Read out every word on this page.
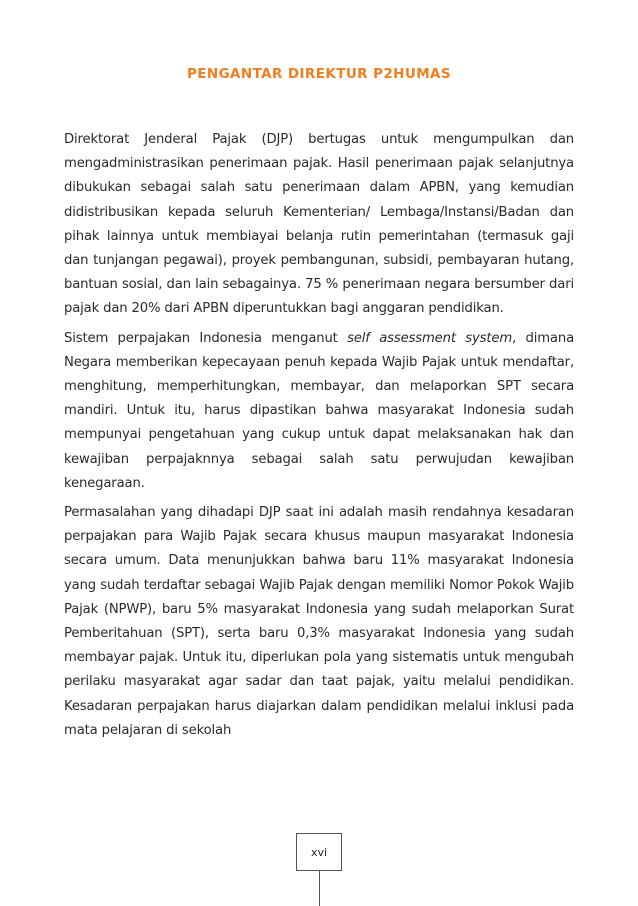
PENGANTAR DIREKTUR P2HUMAS

Direktorat Jenderal Pajak (DJP) bertugas untuk mengumpulkan dan mengadministrasikan penerimaan pajak. Hasil penerimaan pajak selanjutnya dibukukan sebagai salah satu penerimaan dalam APBN, yang kemudian didistribusikan kepada seluruh Kementerian/ Lembaga/Instansi/Badan dan pihak lainnya untuk membiayai belanja rutin pemerintahan (termasuk gaji dan tunjangan pegawai), proyek pembangunan, subsidi, pembayaran hutang, bantuan sosial, dan lain sebagainya. 75 % penerimaan negara bersumber dari pajak dan 20% dari APBN diperuntukkan bagi anggaran pendidikan.

Sistem perpajakan Indonesia menganut self assessment system, dimana Negara memberikan kepecayaan penuh kepada Wajib Pajak untuk mendaftar, menghitung, memperhitungkan, membayar, dan melaporkan SPT secara mandiri. Untuk itu, harus dipastikan bahwa masyarakat Indonesia sudah mempunyai pengetahuan yang cukup untuk dapat melaksanakan hak dan kewajiban perpajaknnya sebagai salah satu perwujudan kewajiban kenegaraan.

Permasalahan yang dihadapi DJP saat ini adalah masih rendahnya kesadaran perpajakan para Wajib Pajak secara khusus maupun masyarakat Indonesia secara umum. Data menunjukkan bahwa baru 11% masyarakat Indonesia yang sudah terdaftar sebagai Wajib Pajak dengan memiliki Nomor Pokok Wajib Pajak (NPWP), baru 5% masyarakat Indonesia yang sudah melaporkan Surat Pemberitahuan (SPT), serta baru 0,3% masyarakat Indonesia yang sudah membayar pajak. Untuk itu, diperlukan pola yang sistematis untuk mengubah perilaku masyarakat agar sadar dan taat pajak, yaitu melalui pendidikan. Kesadaran perpajakan harus diajarkan dalam pendidikan melalui inklusi pada mata pelajaran di sekolah

xvi
